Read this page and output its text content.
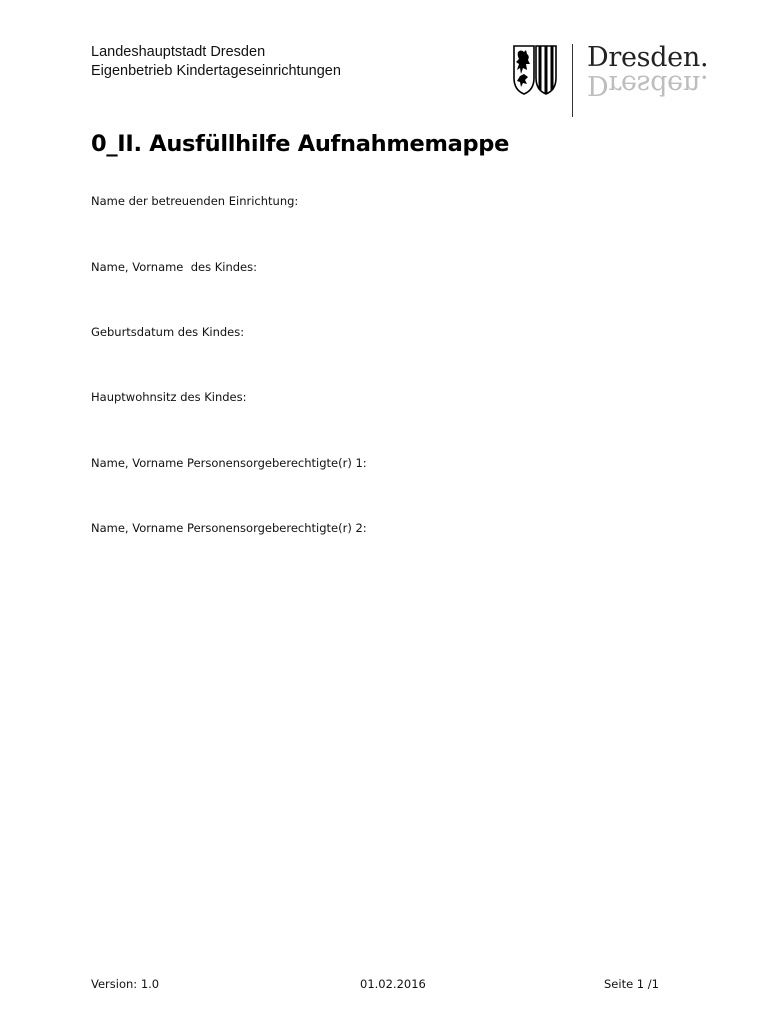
Landeshauptstadt Dresden
Eigenbetrieb Kindertageseinrichtungen	Dresden.
Dresden.
0_II. Ausfüllhilfe Aufnahmemappe
Name der betreuenden Einrichtung:
Name, Vorname  des Kindes:
Geburtsdatum des Kindes:
Hauptwohnsitz des Kindes:
Name, Vorname Personensorgeberechtigte(r) 1:
Name, Vorname Personensorgeberechtigte(r) 2:
Version: 1.0	01.02.2016	Seite 1 /1
